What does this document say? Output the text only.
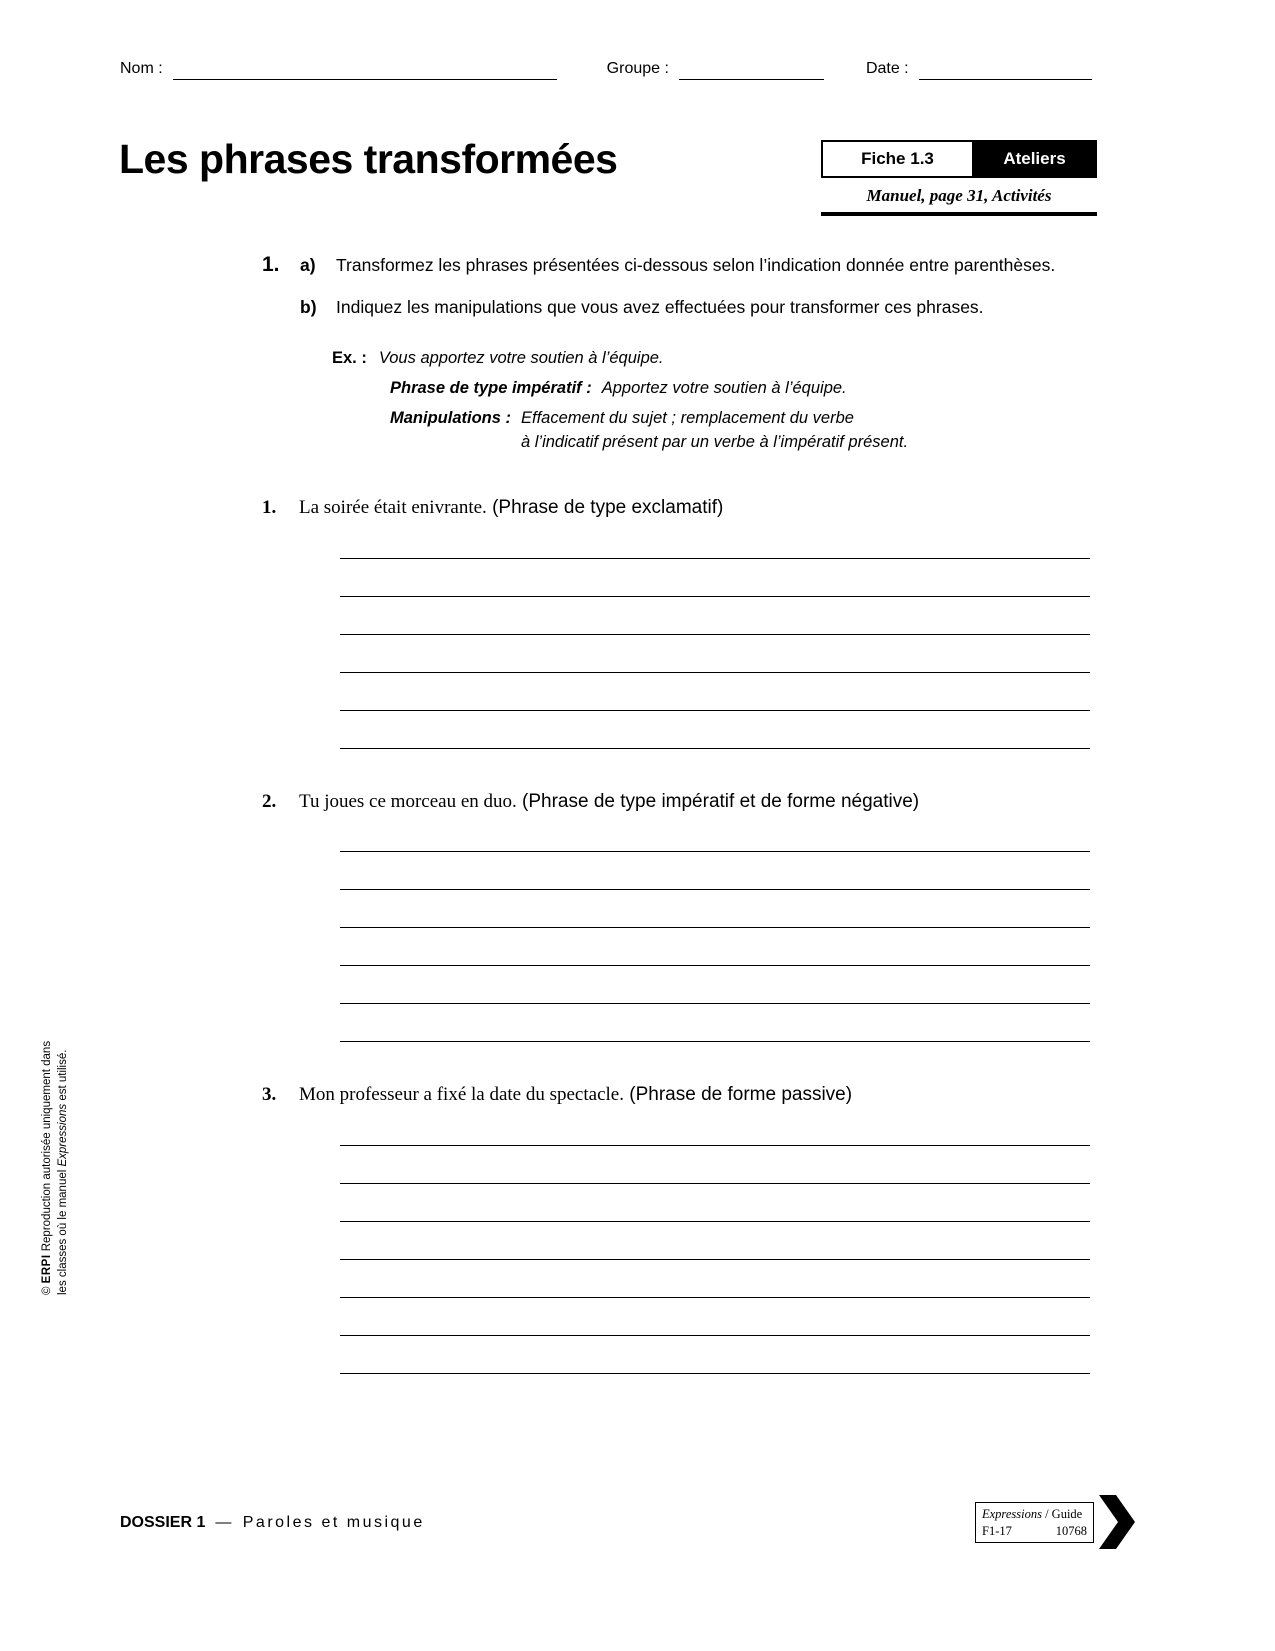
Nom :	Groupe :	Date :
Les phrases transformées	Fiche 1.3	Ateliers
Manuel, page 31, Activités
1.	a)	Transformez les phrases présentées ci-dessous selon l’indication donnée entre parenthèses.
b)	Indiquez les manipulations que vous avez effectuées pour transformer ces phrases.
Ex. : Vous apportez votre soutien à l’équipe.
Phrase de type impératif : Apportez votre soutien à l’équipe.
Manipulations : Effacement du sujet ; remplacement du verbe
à l’indicatif présent par un verbe à l’impératif présent.
1.	La soirée était enivrante. (Phrase de type exclamatif)
2.	Tu joues ce morceau en duo. (Phrase de type impératif et de forme négative)
3.	Mon professeur a fixé la date du spectacle. (Phrase de forme passive)
© ERPI Reproduction autorisée uniquement dans les classes où le manuel Expressions est utilisé.
DOSSIER 1 —
Paroles et musique	Expressions / Guide
F1-17	10768
